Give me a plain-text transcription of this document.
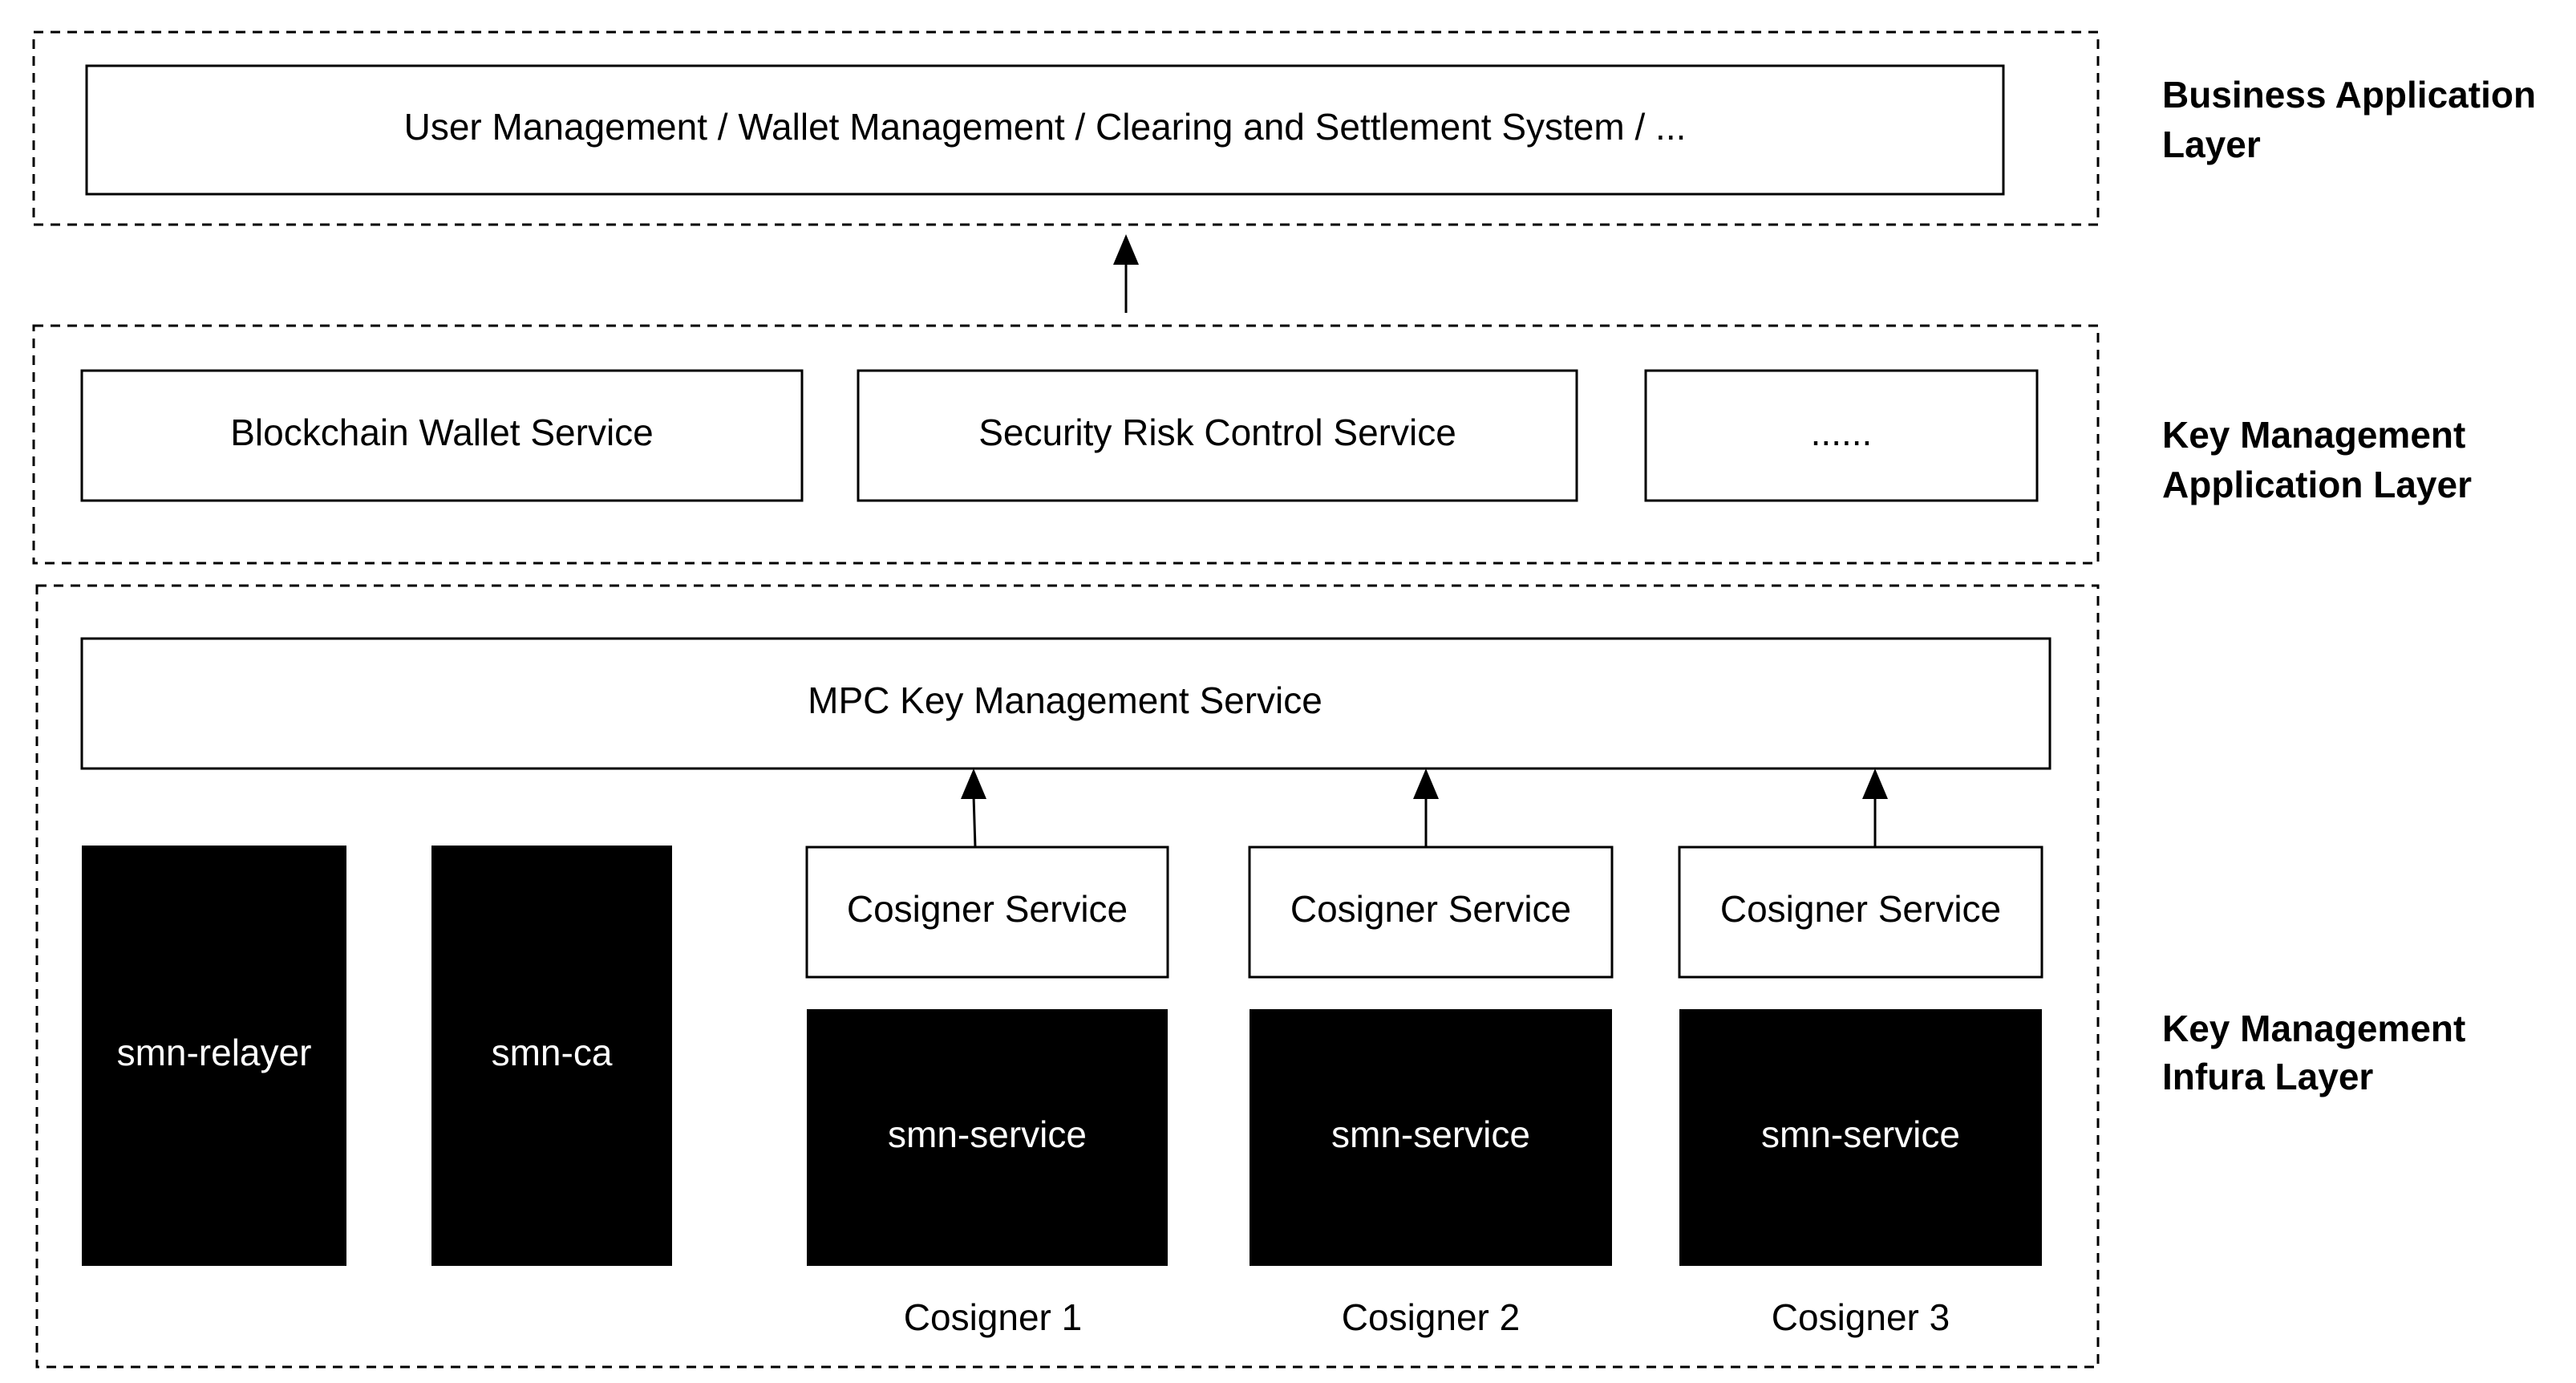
User Management / Wallet Management / Clearing and Settlement System / ...
Blockchain Wallet Service	Security Risk Control Service	......
MPC Key Management Service
smn-relayer	smn-ca
Cosigner Service
smn-service
Cosigner 1
Cosigner Service
smn-service
Cosigner 2
Cosigner Service
smn-service
Cosigner 3
Business Application
Layer
Key Management
Application Layer
Key Management
Infura Layer
